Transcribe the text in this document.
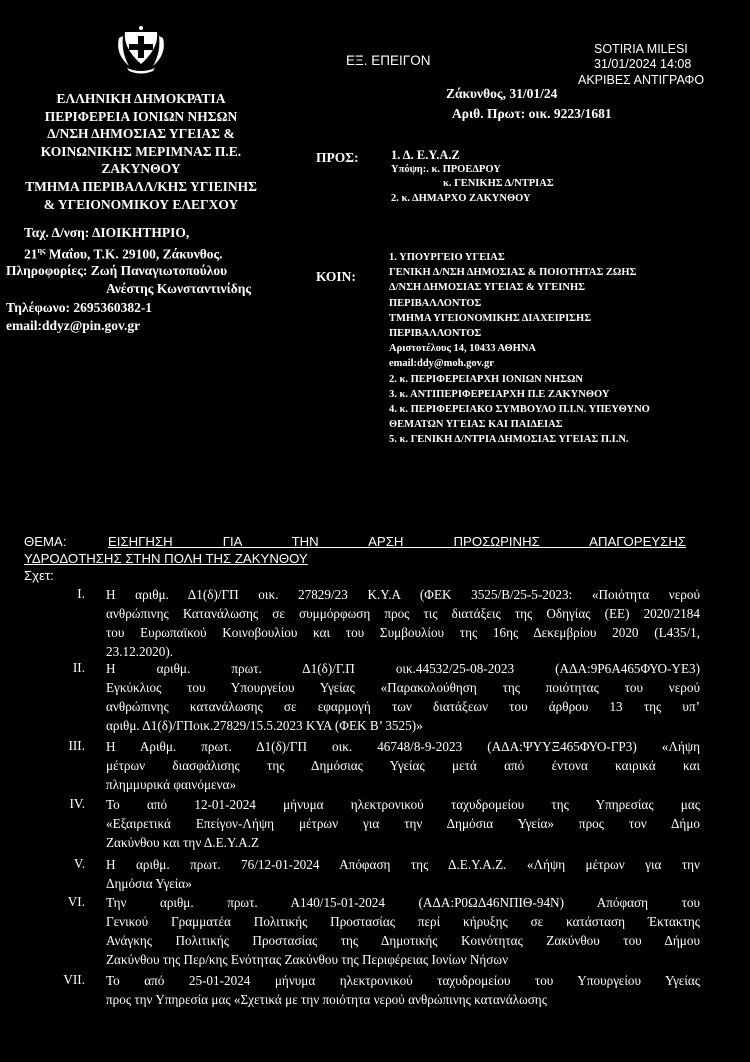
SOTIRIA MILESI
31/01/2024 14:08
ΑΚΡΙΒΕΣ ΑΝΤΙΓΡΑΦΟ
ΕΞ. ΕΠΕΙΓΟΝ
Ζάκυνθος, 31/01/24
Αριθ. Πρωτ: οικ. 9223/1681
ΕΛΛΗΝΙΚΗ ΔΗΜΟΚΡΑΤΙΑ
ΠΕΡΙΦΕΡΕΙΑ ΙΟΝΙΩΝ ΝΗΣΩΝ
Δ/ΝΣΗ ΔΗΜΟΣΙΑΣ ΥΓΕΙΑΣ &
ΚΟΙΝΩΝΙΚΗΣ ΜΕΡΙΜΝΑΣ Π.Ε.
ΖΑΚΥΝΘΟΥ
ΤΜΗΜΑ ΠΕΡΙΒΑΛΛ/ΚΗΣ ΥΓΙΕΙΝΗΣ
& ΥΓΕΙΟΝΟΜΙΚΟΥ ΕΛΕΓΧΟΥ
Ταχ. Δ/νση: ΔΙΟΙΚΗΤΗΡΙΟ,
$21^{\eta\varsigma}$ Μαΐου, Τ.Κ. 29100, Ζάκυνθος.
Πληροφορίες: Ζωή Παναγιωτοπούλου
Ανέστης Κωνσταντινίδης
Τηλέφωνο: 2695360382-1
email:ddyz@pin.gov.gr
ΠΡΟΣ:	1. Δ. Ε.Υ.Α.Ζ
Υπόψη:. κ. ΠΡΟΕΔΡΟΥ
κ. ΓΕΝΙΚΗΣ Δ/ΝΤΡΙΑΣ
2. κ. ΔΗΜΑΡΧΟ ΖΑΚΥΝΘΟΥ
ΚΟΙΝ:
1. ΥΠΟΥΡΓΕΙΟ ΥΓΕΙΑΣ
ΓΕΝΙΚΗ Δ/ΝΣΗ ΔΗΜΟΣΙΑΣ & ΠΟΙΟΤΗΤΑΣ ΖΩΗΣ
Δ/ΝΣΗ ΔΗΜΟΣΙΑΣ ΥΓΕΙΑΣ & ΥΓΕΙΝΗΣ
ΠΕΡΙΒΑΛΛΟΝΤΟΣ
ΤΜΗΜΑ ΥΓΕΙΟΝΟΜΙΚΗΣ ΔΙΑΧΕΙΡΙΣΗΣ
ΠΕΡΙΒΑΛΛΟΝΤΟΣ
Αριστοτέλους 14, 10433 ΑΘΗΝΑ
email:ddy@moh.gov.gr
2. κ. ΠΕΡΙΦΕΡΕΙΑΡΧΗ ΙΟΝΙΩΝ ΝΗΣΩΝ
3. κ. ΑΝΤΙΠΕΡΙΦΕΡΕΙΑΡΧΗ Π.Ε ΖΑΚΥΝΘΟΥ
4. κ. ΠΕΡΙΦΕΡΕΙΑΚΟ ΣΥΜΒΟΥΛΟ Π.Ι.Ν. ΥΠΕΥΘΥΝΟ
ΘΕΜΑΤΩΝ ΥΓΕΙΑΣ ΚΑΙ ΠΑΙΔΕΙΑΣ
5. κ. ΓΕΝΙΚΗ Δ/ΝΤΡΙΑ ΔΗΜΟΣΙΑΣ ΥΓΕΙΑΣ Π.Ι.Ν.
ΘΕΜΑ:	ΕΙΣΗΓΗΣΗ ΓΙΑ ΤΗΝ ΑΡΣΗ ΠΡΟΣΩΡΙΝΗΣ ΑΠΑΓΟΡΕΥΣΗΣ
ΥΔΡΟΔΟΤΗΣΗΣ ΣΤΗΝ ΠΟΛΗ ΤΗΣ ΖΑΚΥΝΘΟΥ
Σχετ:
I. Η αριθμ. Δ1(δ)/ΓΠ οικ. 27829/23 Κ.Υ.Α (ΦΕΚ 3525/Β/25-5-2023: «Ποιότητα νερού
ανθρώπινης Κατανάλωσης σε συμμόρφωση προς τις διατάξεις της Οδηγίας (ΕΕ) 2020/2184
του Ευρωπαϊκού Κοινοβουλίου και του Συμβουλίου της 16ης Δεκεμβρίου 2020 (L435/1,
23.12.2020).
II. Η αριθμ. πρωτ. Δ1(δ)/Γ.Π οικ.44532/25-08-2023 (ΑΔΑ:9Ρ6Α465ΦΥΟ-ΥΕ3)
Εγκύκλιος του Υπουργείου Υγείας «Παρακολούθηση της ποιότητας του νερού
ανθρώπινης κατανάλωσης σε εφαρμογή των διατάξεων του άρθρου 13 της υπ’
αριθμ. Δ1(δ)/ΓΠοικ.27829/15.5.2023 ΚΥΑ (ΦΕΚ Β’ 3525)»
III. Η Αριθμ. πρωτ. Δ1(δ)/ΓΠ οικ. 46748/8-9-2023 (ΑΔΑ:ΨΥΥΞ465ΦΥΟ-ΓΡ3) «Λήψη
μέτρων διασφάλισης της Δημόσιας Υγείας μετά από έντονα καιρικά και
πλημμυρικά φαινόμενα»
IV. Το από 12-01-2024 μήνυμα ηλεκτρονικού ταχυδρομείου της Υπηρεσίας μας
«Εξαιρετικά Επείγον-Λήψη μέτρων για την Δημόσια Υγεία» προς τον Δήμο
Ζακύνθου και την Δ.Ε.Υ.Α.Ζ
V. Η αριθμ. πρωτ. 76/12-01-2024 Απόφαση της Δ.Ε.Υ.Α.Ζ. «Λήψη μέτρων για την
Δημόσια Υγεία»
VI. Την αριθμ. πρωτ. Α140/15-01-2024 (ΑΔΑ:Ρ0ΩΔ46ΝΠΙΘ-94Ν) Απόφαση του
Γενικού Γραμματέα Πολιτικής Προστασίας περί κήρυξης σε κατάσταση Έκτακτης
Ανάγκης Πολιτικής Προστασίας της Δημοτικής Κοινότητας Ζακύνθου του Δήμου
Ζακύνθου της Περ/κης Ενότητας Ζακύνθου της Περιφέρειας Ιονίων Νήσων
VII. Το από 25-01-2024 μήνυμα ηλεκτρονικού ταχυδρομείου του Υπουργείου Υγείας
προς την Υπηρεσία μας «Σχετικά με την ποιότητα νερού ανθρώπινης κατανάλωσης
